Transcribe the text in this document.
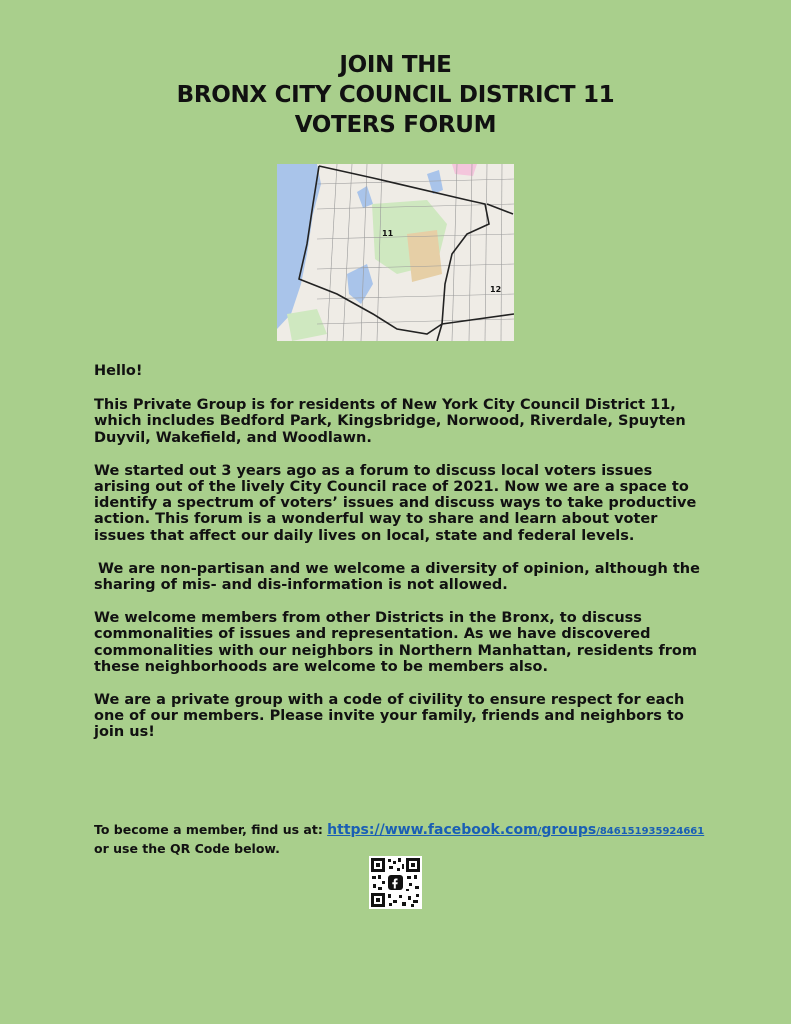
JOIN THE
BRONX CITY COUNCIL DISTRICT 11
VOTERS FORUM
11
12

Hello!

This Private Group is for residents of New York City Council District 11, which includes Bedford Park, Kingsbridge, Norwood, Riverdale, Spuyten Duyvil, Wakefield, and Woodlawn.

We started out 3 years ago as a forum to discuss local voters issues arising out of the lively City Council race of 2021. Now we are a space to identify a spectrum of voters’ issues and discuss ways to take productive action. This forum is a wonderful way to share and learn about voter issues that affect our daily lives on local, state and federal levels.

We are non-partisan and we welcome a diversity of opinion, although the sharing of mis- and dis-information is not allowed.

We welcome members from other Districts in the Bronx, to discuss commonalities of issues and representation. As we have discovered commonalities with our neighbors in Northern Manhattan, residents from these neighborhoods are welcome to be members also.

We are a private group with a code of civility to ensure respect for each one of our members. Please invite your family, friends and neighbors to join us!

To become a member, find us at: https://www.facebook.com/groups/846151935924661
or use the QR Code below.
